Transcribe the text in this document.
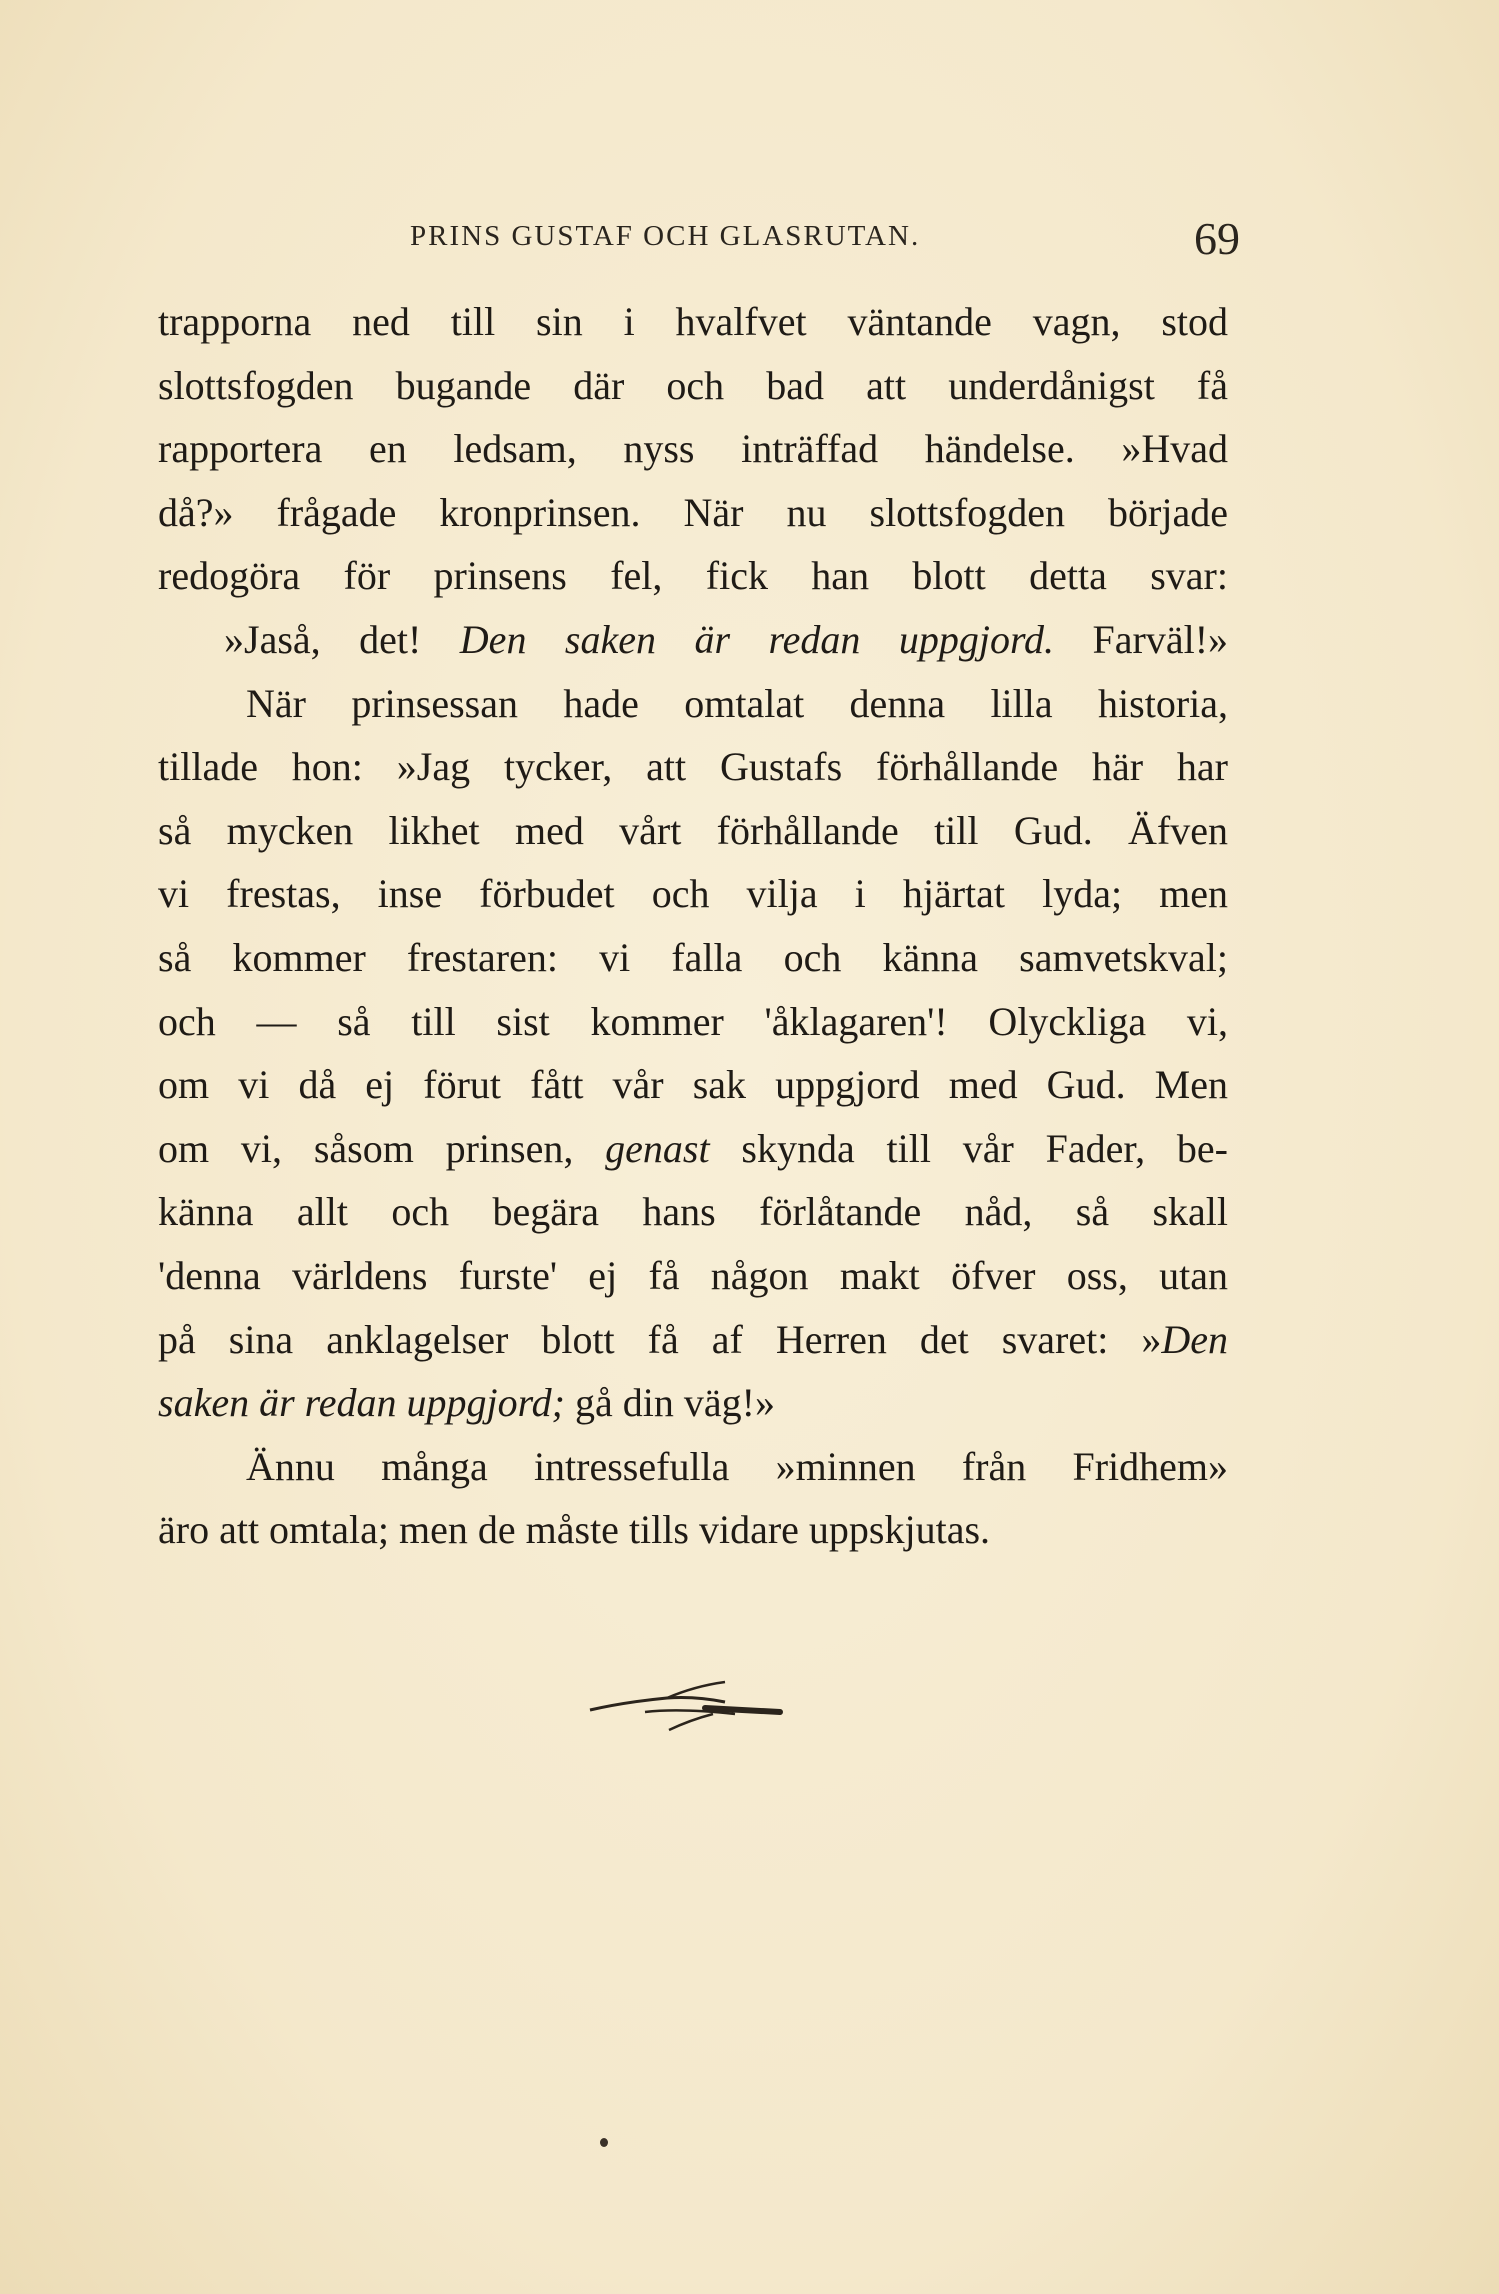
PRINS GUSTAF OCH GLASRUTAN.	69
trapporna ned till sin i hvalfvet väntande vagn, stod
slottsfogden bugande där och bad att underdånigst få
rapportera en ledsam, nyss inträffad händelse. »Hvad
då?» frågade kronprinsen. När nu slottsfogden började
redogöra för prinsens fel, fick han blott detta svar:
»Jaså, det! Den saken är redan uppgjord. Farväl!»
När prinsessan hade omtalat denna lilla historia,
tillade hon: »Jag tycker, att Gustafs förhållande här har
så mycken likhet med vårt förhållande till Gud. Äfven
vi frestas, inse förbudet och vilja i hjärtat lyda; men
så kommer frestaren: vi falla och känna samvetskval;
och — så till sist kommer 'åklagaren'! Olyckliga vi,
om vi då ej förut fått vår sak uppgjord med Gud. Men
om vi, såsom prinsen, genast skynda till vår Fader, be-
känna allt och begära hans förlåtande nåd, så skall
'denna världens furste' ej få någon makt öfver oss, utan
på sina anklagelser blott få af Herren det svaret: »Den
saken är redan uppgjord; gå din väg!»
Ännu många intressefulla »minnen från Fridhem»
äro att omtala; men de måste tills vidare uppskjutas.
